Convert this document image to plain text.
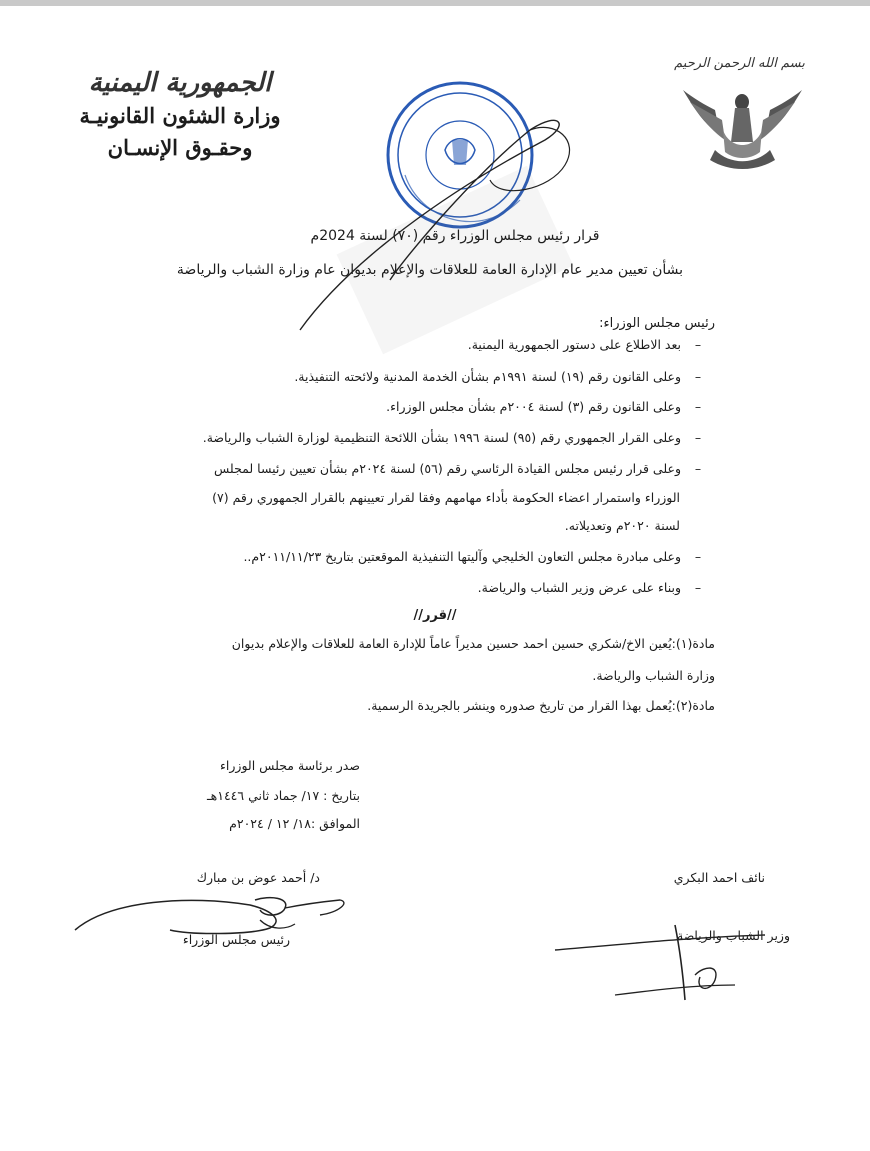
الجمهورية اليمنية
وزارة الشئون القانونيـة
وحقـوق الإنسـان
بسم الله الرحمن الرحيم
قرار رئيس مجلس الوزراء رقم (٧٠) لسنة 2024م
بشأن تعيين مدير عام الإدارة العامة للعلاقات والإعلام بديوان عام وزارة الشباب والرياضة
رئيس مجلس الوزراء:
–بعد الاطلاع على دستور الجمهورية اليمنية.
–وعلى القانون رقم (١٩) لسنة ١٩٩١م بشأن الخدمة المدنية ولائحته التنفيذية.
–وعلى القانون رقم (٣) لسنة ٢٠٠٤م بشأن مجلس الوزراء.
–وعلى القرار الجمهوري رقم (٩٥) لسنة ١٩٩٦ بشأن اللائحة التنظيمية لوزارة الشباب والرياضة.
–وعلى قرار رئيس مجلس القيادة الرئاسي رقم (٥٦) لسنة ٢٠٢٤م بشأن تعيين رئيسا لمجلس
الوزراء واستمرار اعضاء الحكومة بأداء مهامهم وفقا لقرار تعيينهم بالقرار الجمهوري رقم (٧)
لسنة ٢٠٢٠م وتعديلاته.
–وعلى مبادرة مجلس التعاون الخليجي وآليتها التنفيذية الموقعتين بتاريخ ٢٠١١/١١/٢٣م..
–وبناء على عرض وزير الشباب والرياضة.
//قرر//
مادة(١):يُعين الاخ/شكري حسين احمد حسين مديراً عاماً للإدارة العامة للعلاقات والإعلام بديوان
وزارة الشباب والرياضة.
مادة(٢):يُعمل بهذا القرار من تاريخ صدوره وينشر بالجريدة الرسمية.
صدر برئاسة مجلس الوزراء
بتاريخ : ١٧/ جماد ثاني ١٤٤٦هـ
الموافق :١٨/ ١٢ / ٢٠٢٤م
د/ أحمد عوض بن مبارك
رئيس مجلس الوزراء
نائف احمد البكري
وزير الشباب والرياضة
